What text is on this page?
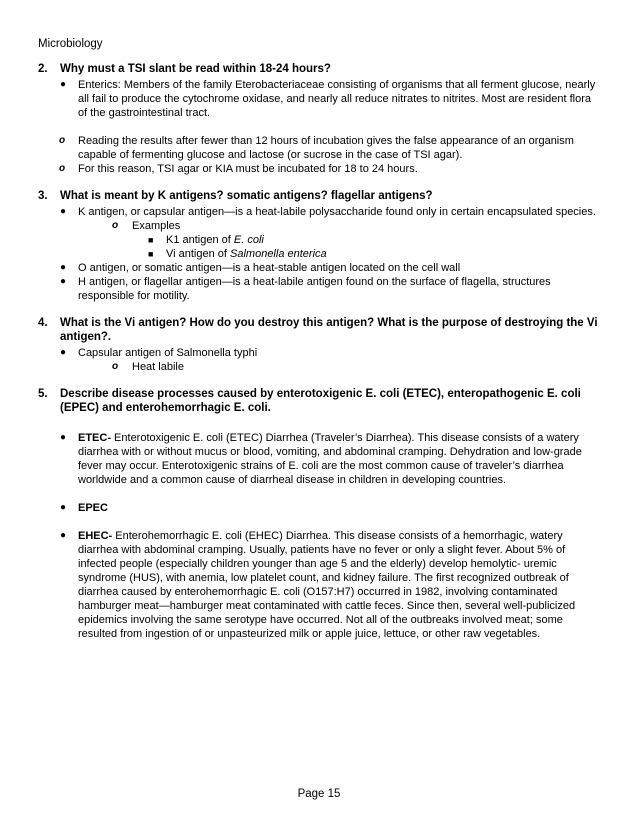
Microbiology
2.	Why must a TSI slant be read within 18-24 hours?
● Enterics: Members of the family Eterobacteriaceae consisting of organisms that all ferment glucose, nearly all fail to produce the cytochrome oxidase, and nearly all reduce nitrates to nitrites. Most are resident flora of the gastrointestinal tract.
o Reading the results after fewer than 12 hours of incubation gives the false appearance of an organism capable of fermenting glucose and lactose (or sucrose in the case of TSI agar).
o For this reason, TSI agar or KIA must be incubated for 18 to 24 hours.
3.	What is meant by K antigens? somatic antigens? flagellar antigens?
● K antigen, or capsular antigen—is a heat-labile polysaccharide found only in certain encapsulated species.
o Examples
■ K1 antigen of E. coli
■ Vi antigen of Salmonella enterica
● O antigen, or somatic antigen—is a heat-stable antigen located on the cell wall
● H antigen, or flagellar antigen—is a heat-labile antigen found on the surface of flagella, structures responsible for motility.
4.	What is the Vi antigen? How do you destroy this antigen? What is the purpose of destroying the Vi antigen?.
● Capsular antigen of Salmonella typhi
o Heat labile
5.	Describe disease processes caused by enterotoxigenic E. coli (ETEC), enteropathogenic E. coli (EPEC) and enterohemorrhagic E. coli.
● ETEC- Enterotoxigenic E. coli (ETEC) Diarrhea (Traveler’s Diarrhea). This disease consists of a watery diarrhea with or without mucus or blood, vomiting, and abdominal cramping. Dehydration and low-grade fever may occur. Enterotoxigenic strains of E. coli are the most common cause of traveler’s diarrhea worldwide and a common cause of diarrheal disease in children in developing countries.
● EPEC
● EHEC- Enterohemorrhagic E. coli (EHEC) Diarrhea. This disease consists of a hemorrhagic, watery diarrhea with abdominal cramping. Usually, patients have no fever or only a slight fever. About 5% of infected people (especially children younger than age 5 and the elderly) develop hemolytic- uremic syndrome (HUS), with anemia, low platelet count, and kidney failure. The first recognized outbreak of diarrhea caused by enterohemorrhagic E. coli (O157:H7) occurred in 1982, involving contaminated hamburger meat—hamburger meat contaminated with cattle feces. Since then, several well-publicized epidemics involving the same serotype have occurred. Not all of the outbreaks involved meat; some resulted from ingestion of or unpasteurized milk or apple juice, lettuce, or other raw vegetables.
Page 15
